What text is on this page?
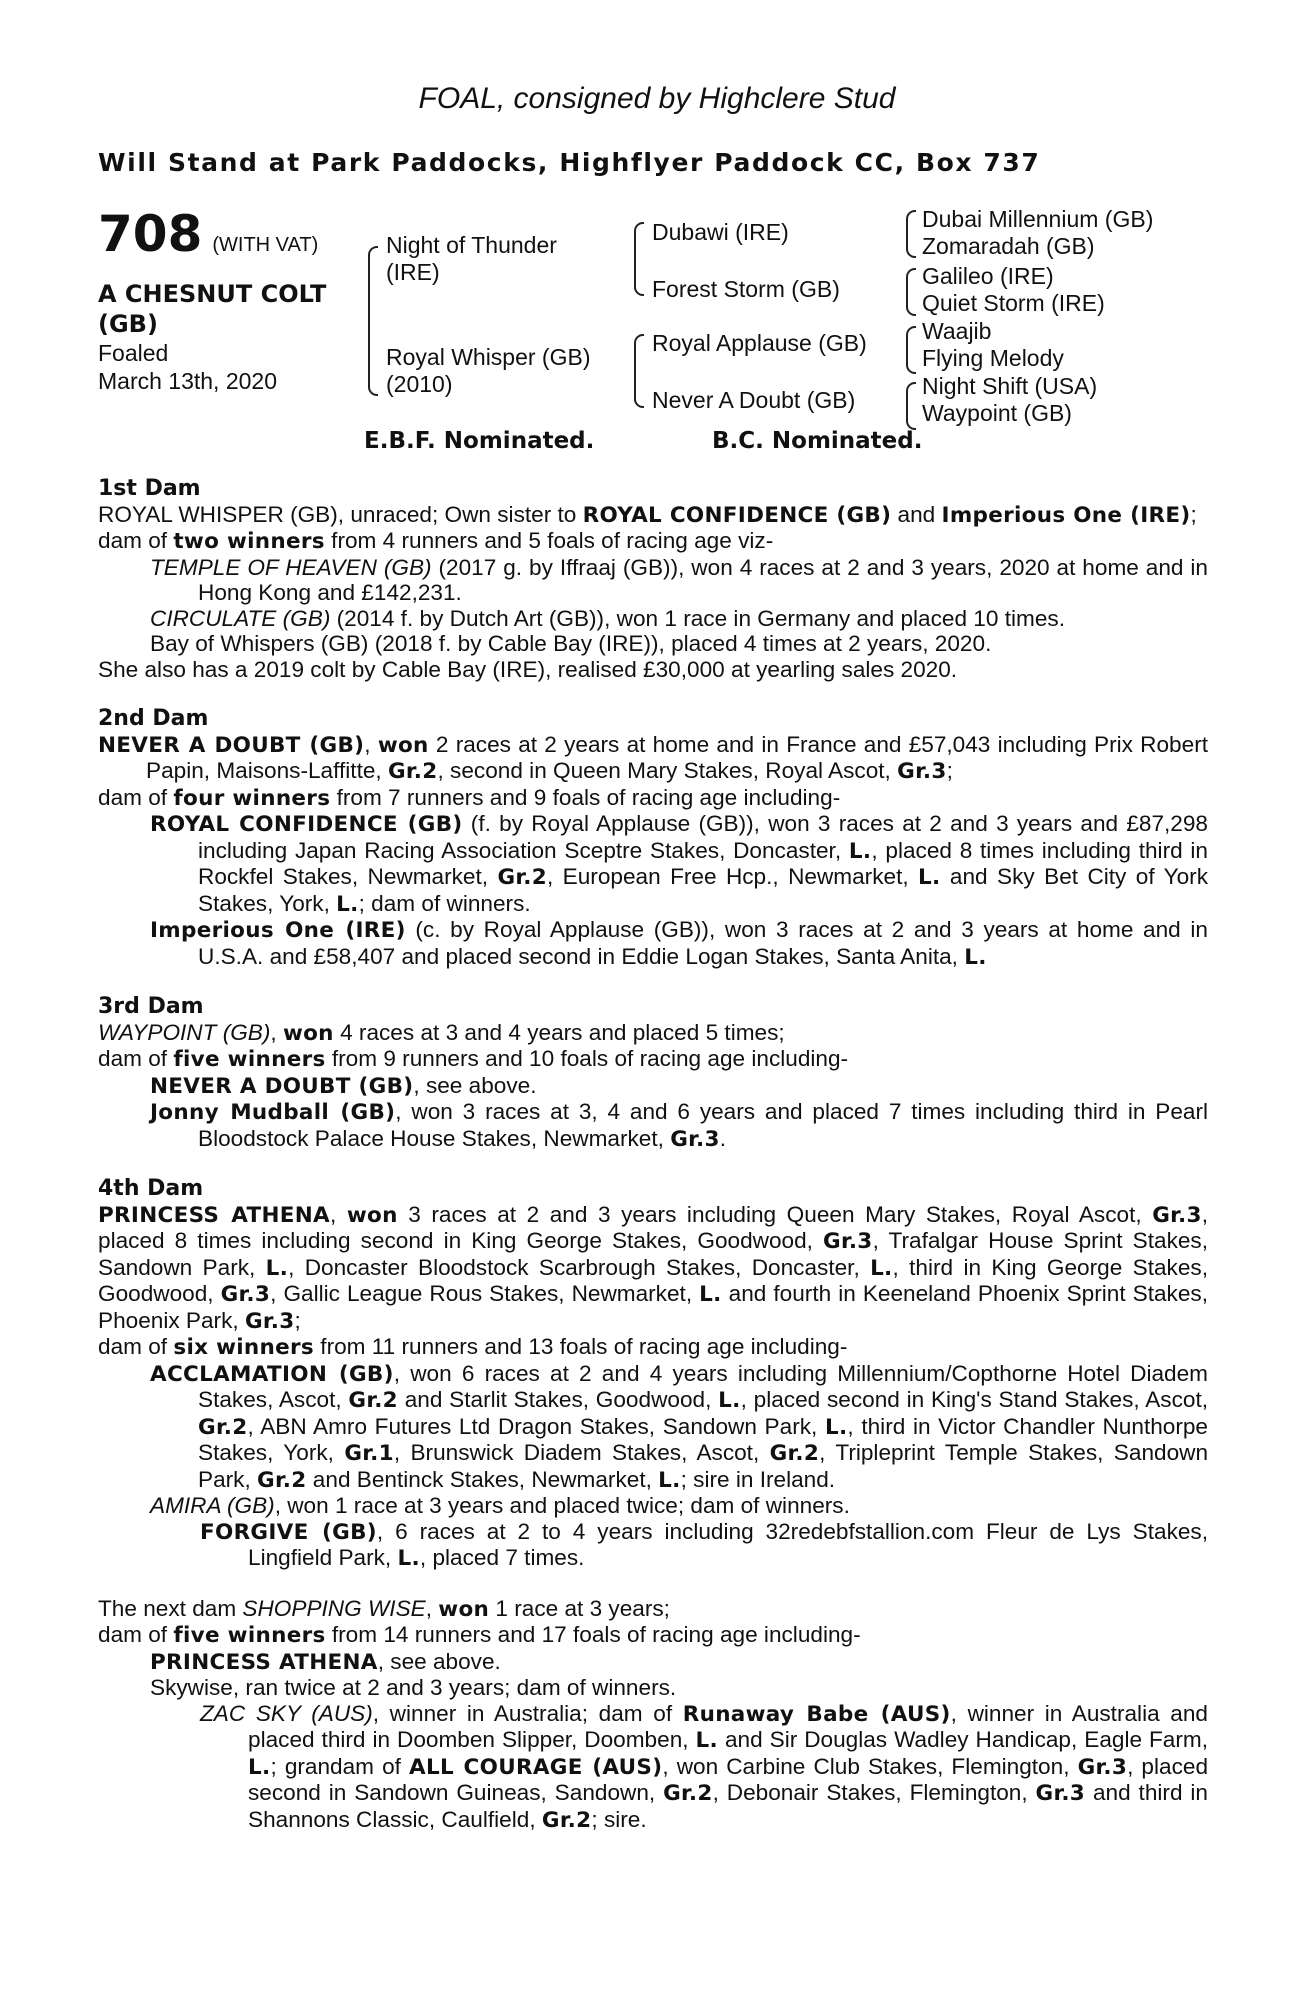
FOAL, consigned by Highclere Stud
Will Stand at Park Paddocks, Highflyer Paddock CC, Box 737
708 (WITH VAT)
A CHESNUT COLT
(GB)
Foaled
March 13th, 2020
Night of Thunder
(IRE)
Royal Whisper (GB)
(2010)
Dubawi (IRE)
Forest Storm (GB)
Royal Applause (GB)
Never A Doubt (GB)
Dubai Millennium (GB)
Zomaradah (GB)
Galileo (IRE)
Quiet Storm (IRE)
Waajib
Flying Melody
Night Shift (USA)
Waypoint (GB)
E.B.F. Nominated.	B.C. Nominated.
1st Dam

ROYAL WHISPER (GB), unraced; Own sister to ROYAL CONFIDENCE (GB) and Imperious One (IRE);

dam of two winners from 4 runners and 5 foals of racing age viz-

TEMPLE OF HEAVEN (GB) (2017 g. by Iffraaj (GB)), won 4 races at 2 and 3 years, 2020 at home and in Hong Kong and £142,231.

CIRCULATE (GB) (2014 f. by Dutch Art (GB)), won 1 race in Germany and placed 10 times.

Bay of Whispers (GB) (2018 f. by Cable Bay (IRE)), placed 4 times at 2 years, 2020.

She also has a 2019 colt by Cable Bay (IRE), realised £30,000 at yearling sales 2020.

2nd Dam

NEVER A DOUBT (GB), won 2 races at 2 years at home and in France and £57,043 including Prix Robert Papin, Maisons-Laffitte, Gr.2, second in Queen Mary Stakes, Royal Ascot, Gr.3;

dam of four winners from 7 runners and 9 foals of racing age including-

ROYAL CONFIDENCE (GB) (f. by Royal Applause (GB)), won 3 races at 2 and 3 years and £87,298 including Japan Racing Association Sceptre Stakes, Doncaster, L., placed 8 times including third in Rockfel Stakes, Newmarket, Gr.2, European Free Hcp., Newmarket, L. and Sky Bet City of York Stakes, York, L.; dam of winners.

Imperious One (IRE) (c. by Royal Applause (GB)), won 3 races at 2 and 3 years at home and in U.S.A. and £58,407 and placed second in Eddie Logan Stakes, Santa Anita, L.

3rd Dam

WAYPOINT (GB), won 4 races at 3 and 4 years and placed 5 times;

dam of five winners from 9 runners and 10 foals of racing age including-

NEVER A DOUBT (GB), see above.

Jonny Mudball (GB), won 3 races at 3, 4 and 6 years and placed 7 times including third in Pearl Bloodstock Palace House Stakes, Newmarket, Gr.3.

4th Dam

PRINCESS ATHENA, won 3 races at 2 and 3 years including Queen Mary Stakes, Royal Ascot, Gr.3, placed 8 times including second in King George Stakes, Goodwood, Gr.3, Trafalgar House Sprint Stakes, Sandown Park, L., Doncaster Bloodstock Scarbrough Stakes, Doncaster, L., third in King George Stakes, Goodwood, Gr.3, Gallic League Rous Stakes, Newmarket, L. and fourth in Keeneland Phoenix Sprint Stakes, Phoenix Park, Gr.3;

dam of six winners from 11 runners and 13 foals of racing age including-

ACCLAMATION (GB), won 6 races at 2 and 4 years including Millennium/Copthorne Hotel Diadem Stakes, Ascot, Gr.2 and Starlit Stakes, Goodwood, L., placed second in King's Stand Stakes, Ascot, Gr.2, ABN Amro Futures Ltd Dragon Stakes, Sandown Park, L., third in Victor Chandler Nunthorpe Stakes, York, Gr.1, Brunswick Diadem Stakes, Ascot, Gr.2, Tripleprint Temple Stakes, Sandown Park, Gr.2 and Bentinck Stakes, Newmarket, L.; sire in Ireland.

AMIRA (GB), won 1 race at 3 years and placed twice; dam of winners.

FORGIVE (GB), 6 races at 2 to 4 years including 32redebfstallion.com Fleur de Lys Stakes, Lingfield Park, L., placed 7 times.

The next dam SHOPPING WISE, won 1 race at 3 years;

dam of five winners from 14 runners and 17 foals of racing age including-

PRINCESS ATHENA, see above.

Skywise, ran twice at 2 and 3 years; dam of winners.

ZAC SKY (AUS), winner in Australia; dam of Runaway Babe (AUS), winner in Australia and placed third in Doomben Slipper, Doomben, L. and Sir Douglas Wadley Handicap, Eagle Farm, L.; grandam of ALL COURAGE (AUS), won Carbine Club Stakes, Flemington, Gr.3, placed second in Sandown Guineas, Sandown, Gr.2, Debonair Stakes, Flemington, Gr.3 and third in Shannons Classic, Caulfield, Gr.2; sire.
